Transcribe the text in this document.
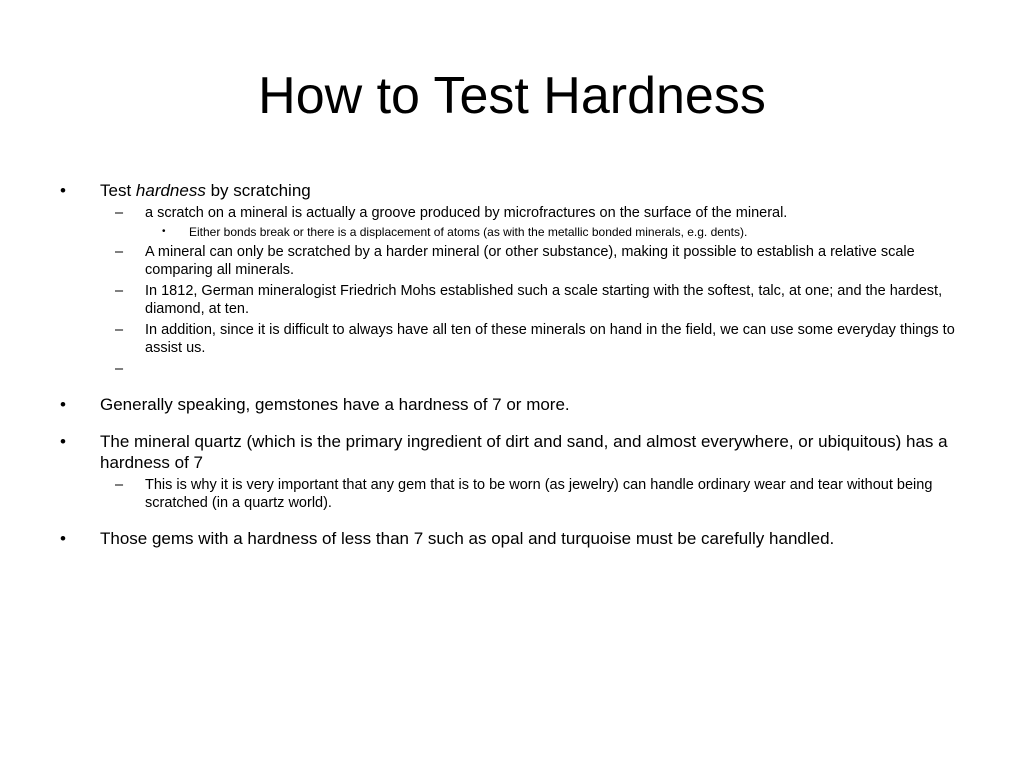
How to Test Hardness
• Test hardness by scratching
– a scratch on a mineral is actually a groove produced by microfractures on the surface of the mineral.
• Either bonds break or there is a displacement of atoms (as with the metallic bonded minerals, e.g. dents).
– A mineral can only be scratched by a harder mineral (or other substance), making it possible to establish a relative scale comparing all minerals.
– In 1812, German mineralogist Friedrich Mohs established such a scale starting with the softest, talc, at one; and the hardest, diamond, at ten.
– In addition, since it is difficult to always have all ten of these minerals on hand in the field, we can use some everyday things to assist us.
–
• Generally speaking, gemstones have a hardness of 7 or more.
• The mineral quartz (which is the primary ingredient of dirt and sand, and almost everywhere, or ubiquitous) has a hardness of 7
– This is why it is very important that any gem that is to be worn (as jewelry) can handle ordinary wear and tear without being scratched (in a quartz world).
• Those gems with a hardness of less than 7 such as opal and turquoise must be carefully handled.
